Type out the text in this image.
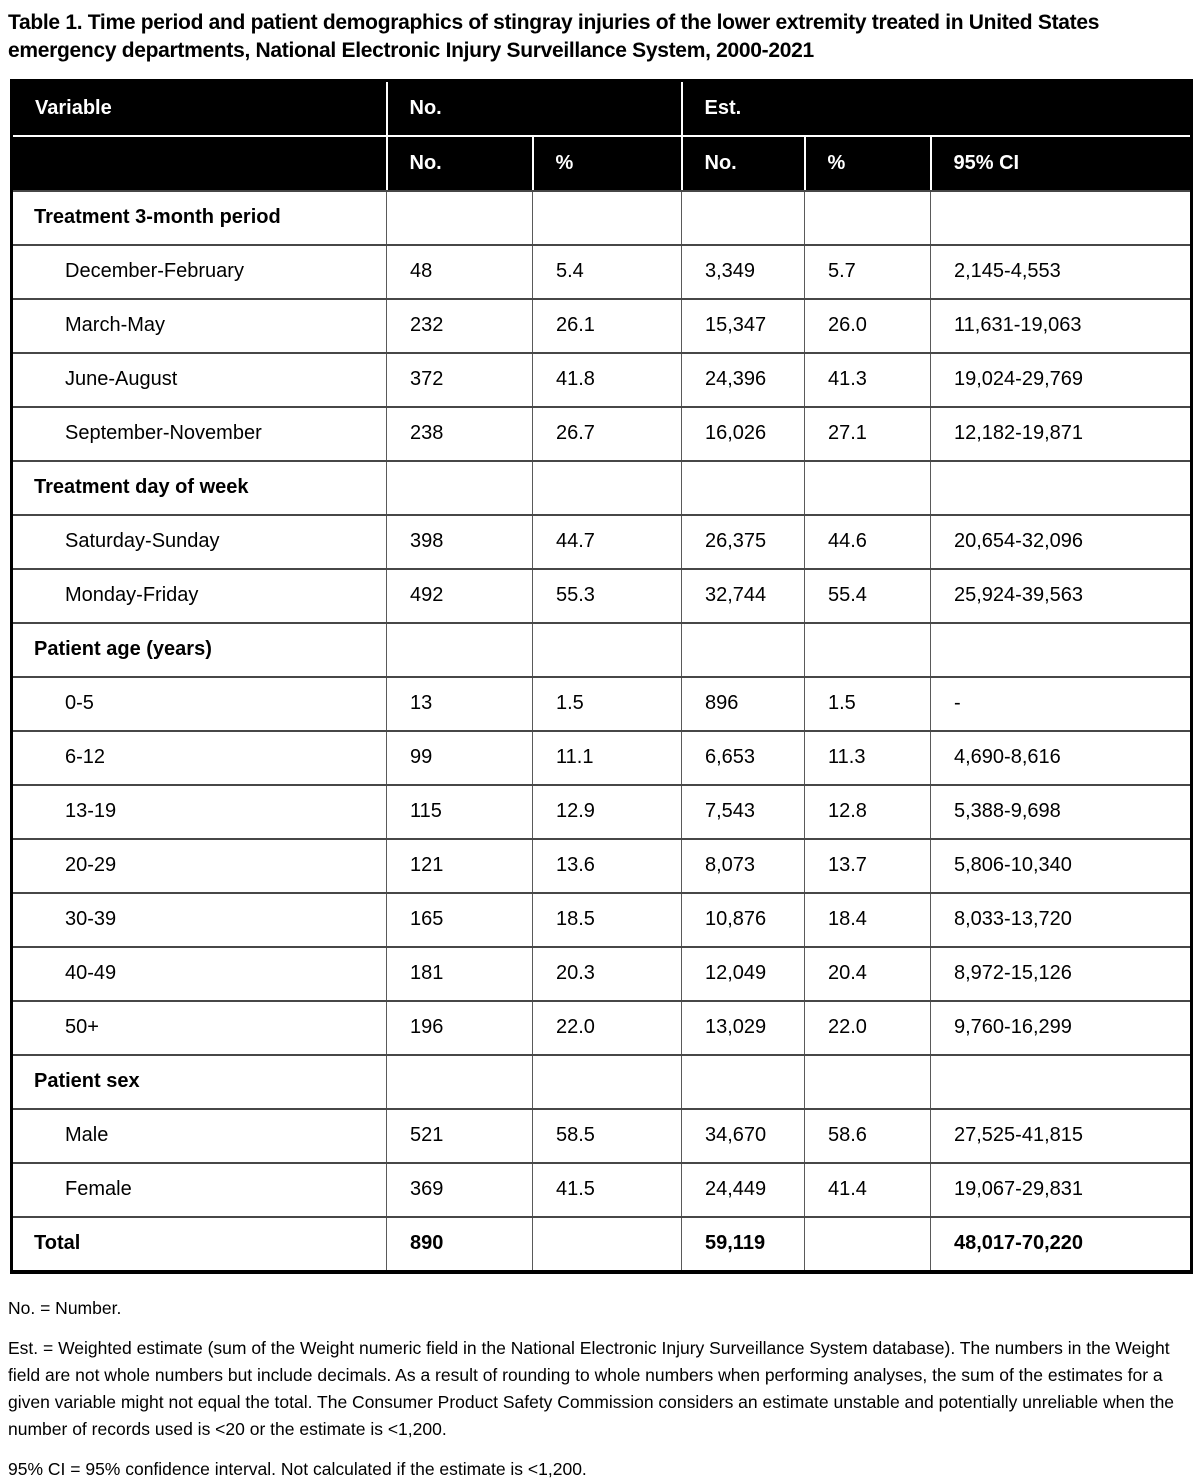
Table 1. Time period and patient demographics of stingray injuries of the lower extremity treated in United States emergency departments, National Electronic Injury Surveillance System, 2000-2021
Variable	No.		Est.		
	No.	%	No.	%	95% CI
Treatment 3-month period					
December-February	48	5.4	3,349	5.7	2,145-4,553
March-May	232	26.1	15,347	26.0	11,631-19,063
June-August	372	41.8	24,396	41.3	19,024-29,769
September-November	238	26.7	16,026	27.1	12,182-19,871
Treatment day of week					
Saturday-Sunday	398	44.7	26,375	44.6	20,654-32,096
Monday-Friday	492	55.3	32,744	55.4	25,924-39,563
Patient age (years)					
0-5	13	1.5	896	1.5	-
6-12	99	11.1	6,653	11.3	4,690-8,616
13-19	115	12.9	7,543	12.8	5,388-9,698
20-29	121	13.6	8,073	13.7	5,806-10,340
30-39	165	18.5	10,876	18.4	8,033-13,720
40-49	181	20.3	12,049	20.4	8,972-15,126
50+	196	22.0	13,029	22.0	9,760-16,299
Patient sex					
Male	521	58.5	34,670	58.6	27,525-41,815
Female	369	41.5	24,449	41.4	19,067-29,831
Total	890		59,119		48,017-70,220

No. = Number.

Est. = Weighted estimate (sum of the Weight numeric field in the National Electronic Injury Surveillance System database). The numbers in the Weight field are not whole numbers but include decimals. As a result of rounding to whole numbers when performing analyses, the sum of the estimates for a given variable might not equal the total. The Consumer Product Safety Commission considers an estimate unstable and potentially unreliable when the number of records used is <20 or the estimate is <1,200.

95% CI = 95% confidence interval. Not calculated if the estimate is <1,200.
